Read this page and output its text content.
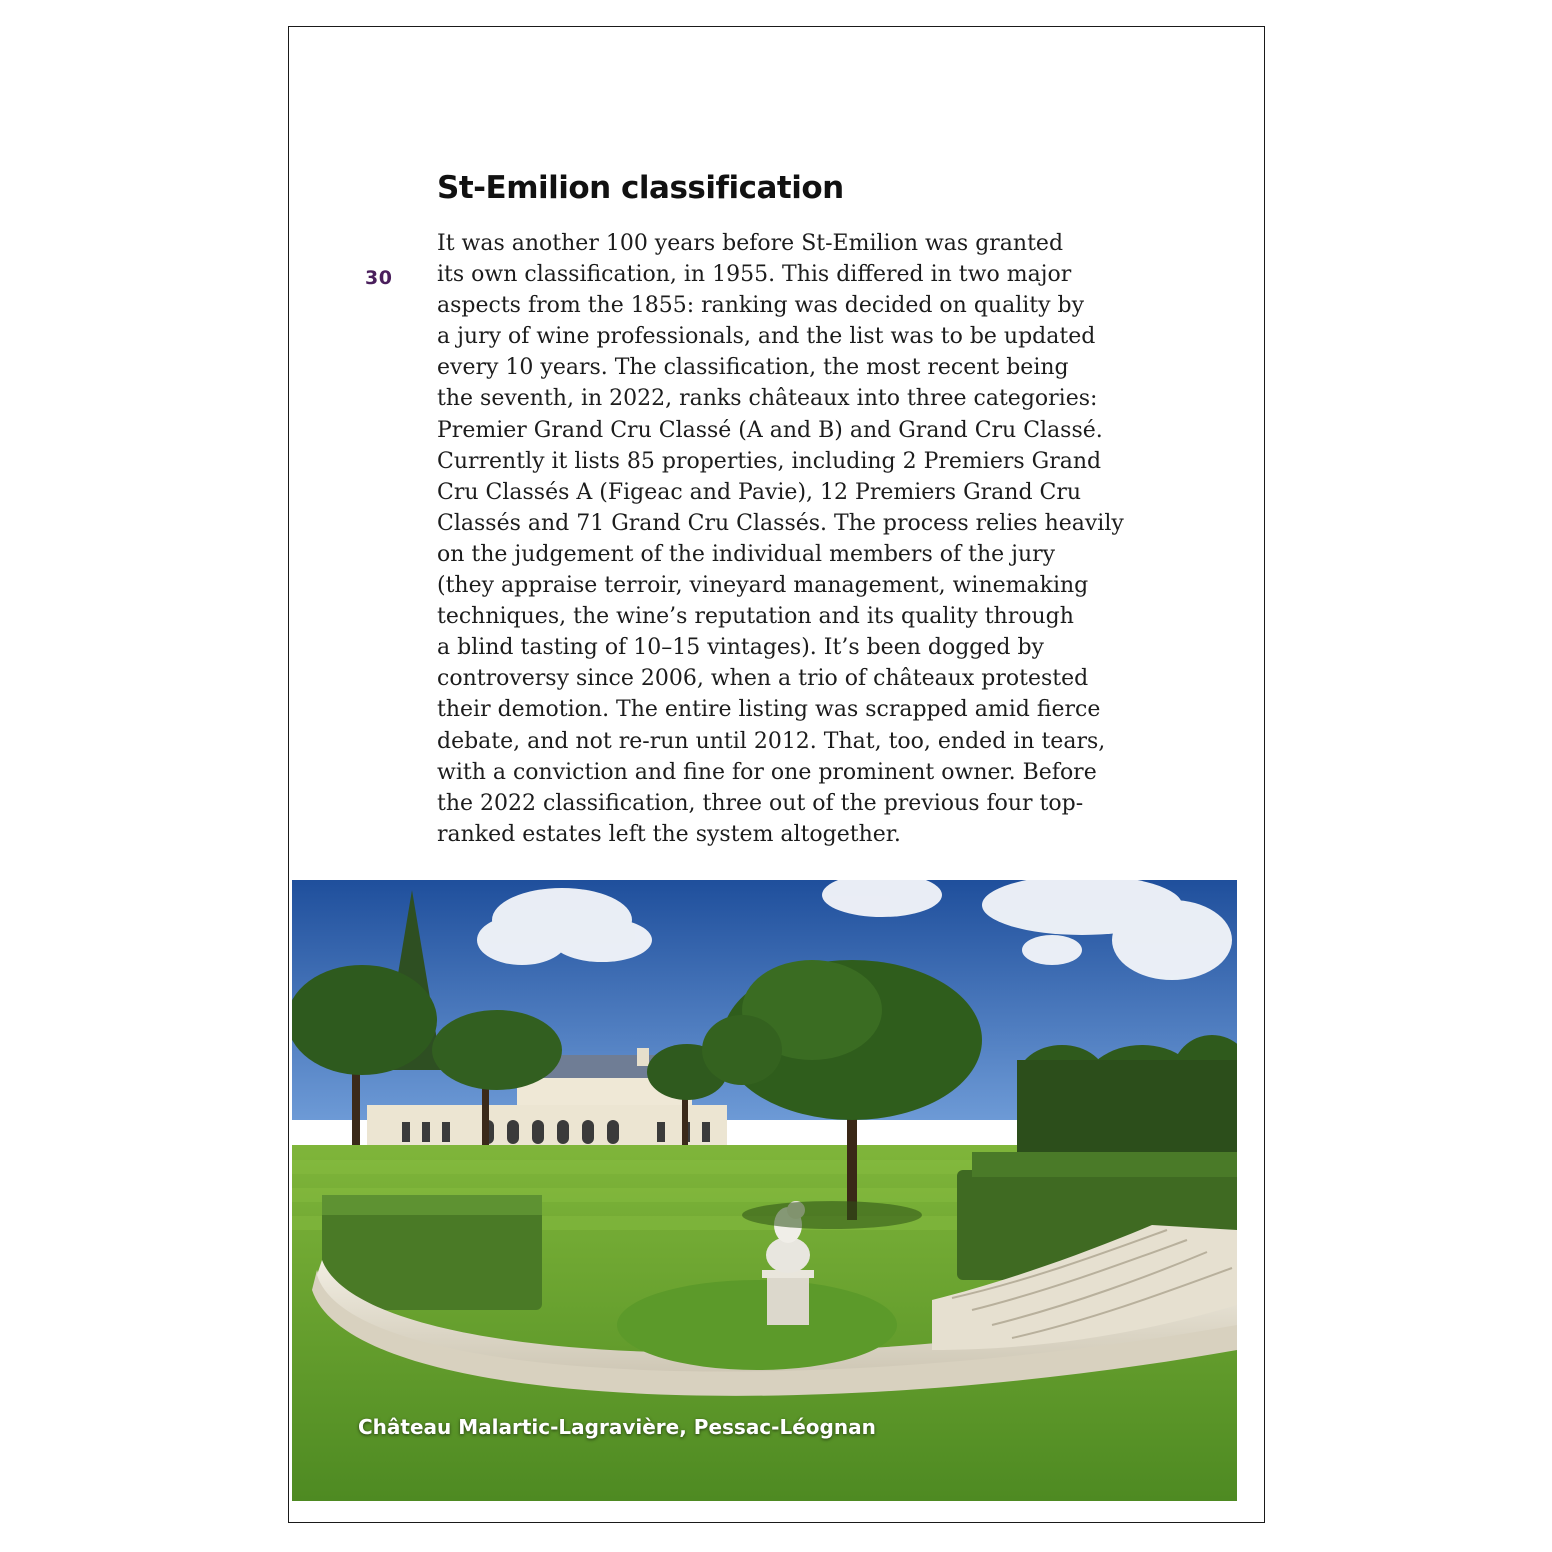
30
St-Emilion classification

It was another 100 years before St-Emilion was granted
its own classification, in 1955. This differed in two major
aspects from the 1855: ranking was decided on quality by
a jury of wine professionals, and the list was to be updated
every 10 years. The classification, the most recent being
the seventh, in 2022, ranks châteaux into three categories:
Premier Grand Cru Classé (A and B) and Grand Cru Classé.
Currently it lists 85 properties, including 2 Premiers Grand
Cru Classés A (Figeac and Pavie), 12 Premiers Grand Cru
Classés and 71 Grand Cru Classés. The process relies heavily
on the judgement of the individual members of the jury
(they appraise terroir, vineyard management, winemaking
techniques, the wine’s reputation and its quality through
a blind tasting of 10–15 vintages). It’s been dogged by
controversy since 2006, when a trio of châteaux protested
their demotion. The entire listing was scrapped amid fierce
debate, and not re-run until 2012. That, too, ended in tears,
with a conviction and fine for one prominent owner. Before
the 2022 classification, three out of the previous four top-
ranked estates left the system altogether.

Château Malartic-Lagravière, Pessac-Léognan
